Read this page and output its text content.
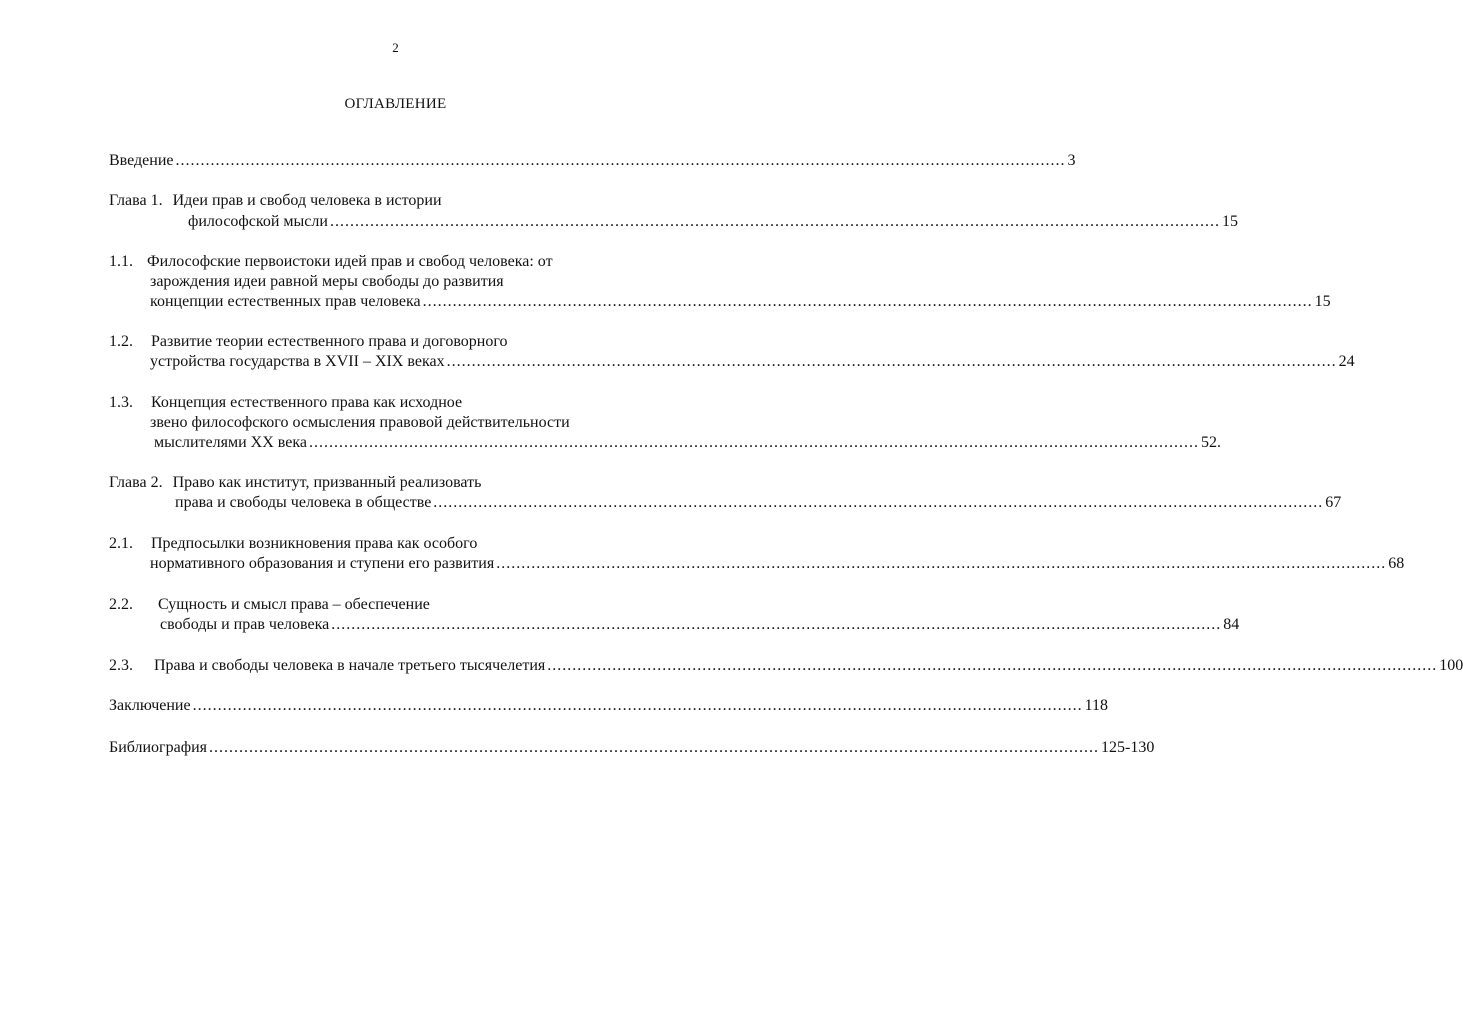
2
ОГЛАВЛЕНИЕ
Введение .................................................................................................................................................................................. 3
Глава 1. Идеи прав и свобод человека в истории
философской мысли .................................................................................................................................................................................. 15
1.1. Философские первоистоки идей прав и свобод человека: от
зарождения идеи равной меры свободы до развития
концепции естественных прав человека .................................................................................................................................................................................. 15
1.2. Развитие теории естественного права и договорного
устройства государства в XVII – XIX веках .................................................................................................................................................................................. 24
1.3. Концепция естественного права как исходное
звено философского осмысления правовой действительности
мыслителями XX века .................................................................................................................................................................................. 52.
Глава 2. Право как институт, призванный реализовать
права и свободы человека в обществе .................................................................................................................................................................................. 67
2.1. Предпосылки возникновения права как особого
нормативного образования и ступени его развития .................................................................................................................................................................................. 68
2.2. Сущность и смысл права – обеспечение
свободы и прав человека .................................................................................................................................................................................. 84
2.3. Права и свободы человека в начале третьего тысячелетия .................................................................................................................................................................................. 100
Заключение .................................................................................................................................................................................. 118
Библиография .................................................................................................................................................................................. 125-130
